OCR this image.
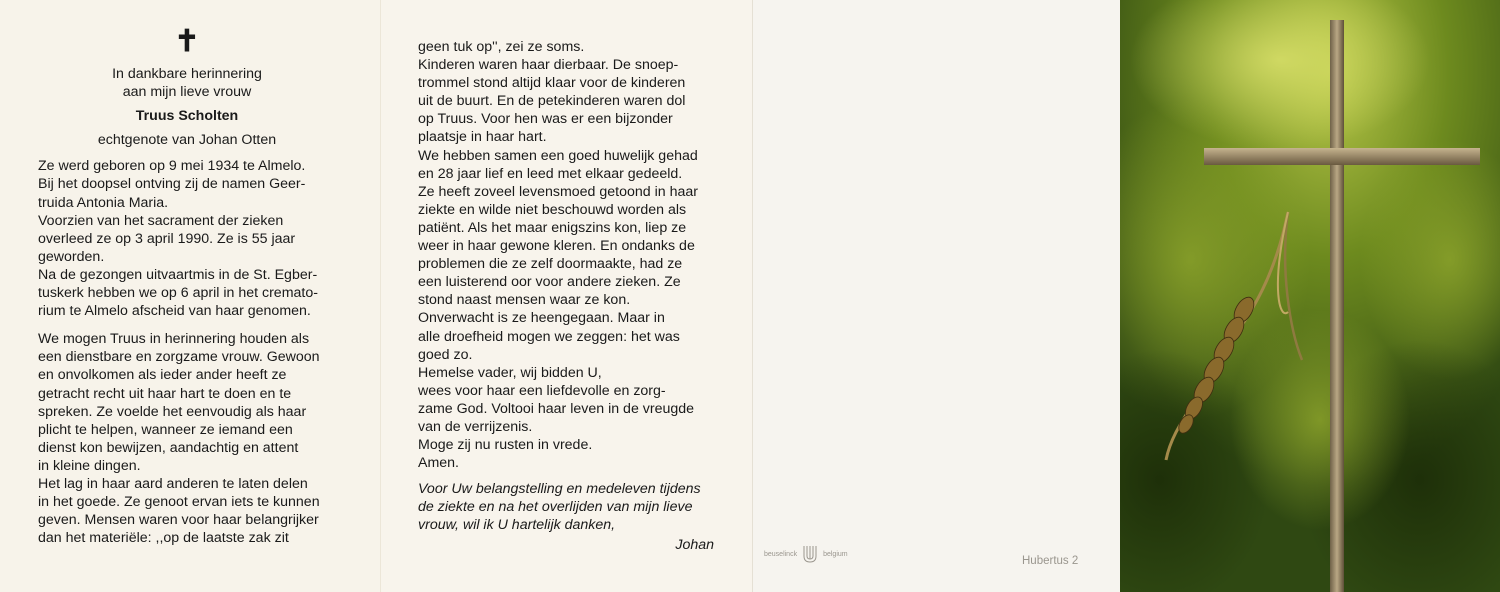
✝
In dankbare herinnering
aan mijn lieve vrouw
Truus Scholten
echtgenote van Johan Otten

Ze werd geboren op 9 mei 1934 te Almelo.

Bij het doopsel ontving zij de namen Geer-

truida Antonia Maria.

Voorzien van het sacrament der zieken

overleed ze op 3 april 1990. Ze is 55 jaar

geworden.

Na de gezongen uitvaartmis in de St. Egber-

tuskerk hebben we op 6 april in het cremato-

rium te Almelo afscheid van haar genomen.

We mogen Truus in herinnering houden als

een dienstbare en zorgzame vrouw. Gewoon

en onvolkomen als ieder ander heeft ze

getracht recht uit haar hart te doen en te

spreken. Ze voelde het eenvoudig als haar

plicht te helpen, wanneer ze iemand een

dienst kon bewijzen, aandachtig en attent

in kleine dingen.

Het lag in haar aard anderen te laten delen

in het goede. Ze genoot ervan iets te kunnen

geven. Mensen waren voor haar belangrijker

dan het materiële: ,,op de laatste zak zit

geen tuk op'', zei ze soms.

Kinderen waren haar dierbaar. De snoep-

trommel stond altijd klaar voor de kinderen

uit de buurt. En de petekinderen waren dol

op Truus. Voor hen was er een bijzonder

plaatsje in haar hart.

We hebben samen een goed huwelijk gehad

en 28 jaar lief en leed met elkaar gedeeld.

Ze heeft zoveel levensmoed getoond in haar

ziekte en wilde niet beschouwd worden als

patiënt. Als het maar enigszins kon, liep ze

weer in haar gewone kleren. En ondanks de

problemen die ze zelf doormaakte, had ze

een luisterend oor voor andere zieken. Ze

stond naast mensen waar ze kon.

Onverwacht is ze heengegaan. Maar in

alle droefheid mogen we zeggen: het was

goed zo.

Hemelse vader, wij bidden U,

wees voor haar een liefdevolle en zorg-

zame God. Voltooi haar leven in de vreugde

van de verrijzenis.

Moge zij nu rusten in vrede.

Amen.

Voor Uw belangstelling en medeleven tijdens

de ziekte en na het overlijden van mijn lieve

vrouw, wil ik U hartelijk danken,

Johan
beuselinck	belgium
Hubertus 2
